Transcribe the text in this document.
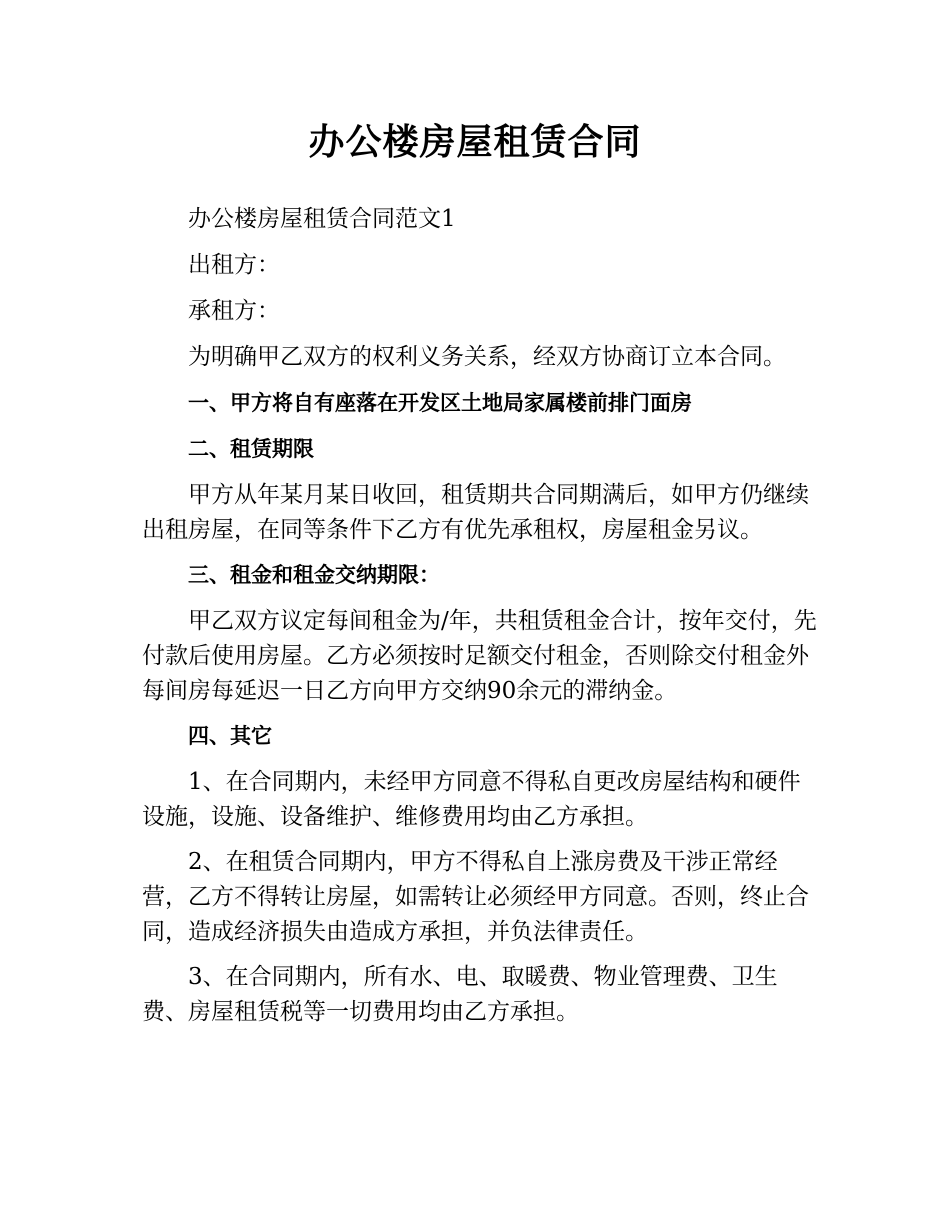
办公楼房屋租赁合同

办公楼房屋租赁合同范文1

出租方：

承租方：

为明确甲乙双方的权利义务关系，经双方协商订立本合同。

一、甲方将自有座落在开发区土地局家属楼前排门面房

二、租赁期限

甲方从年某月某日收回，租赁期共合同期满后，如甲方仍继续出租房屋，在同等条件下乙方有优先承租权，房屋租金另议。

三、租金和租金交纳期限：

甲乙双方议定每间租金为/年，共租赁租金合计，按年交付，先付款后使用房屋。乙方必须按时足额交付租金，否则除交付租金外每间房每延迟一日乙方向甲方交纳90余元的滞纳金。

四、其它

1、在合同期内，未经甲方同意不得私自更改房屋结构和硬件设施，设施、设备维护、维修费用均由乙方承担。

2、在租赁合同期内，甲方不得私自上涨房费及干涉正常经营，乙方不得转让房屋，如需转让必须经甲方同意。否则，终止合同，造成经济损失由造成方承担，并负法律责任。

3、在合同期内，所有水、电、取暖费、物业管理费、卫生费、房屋租赁税等一切费用均由乙方承担。
